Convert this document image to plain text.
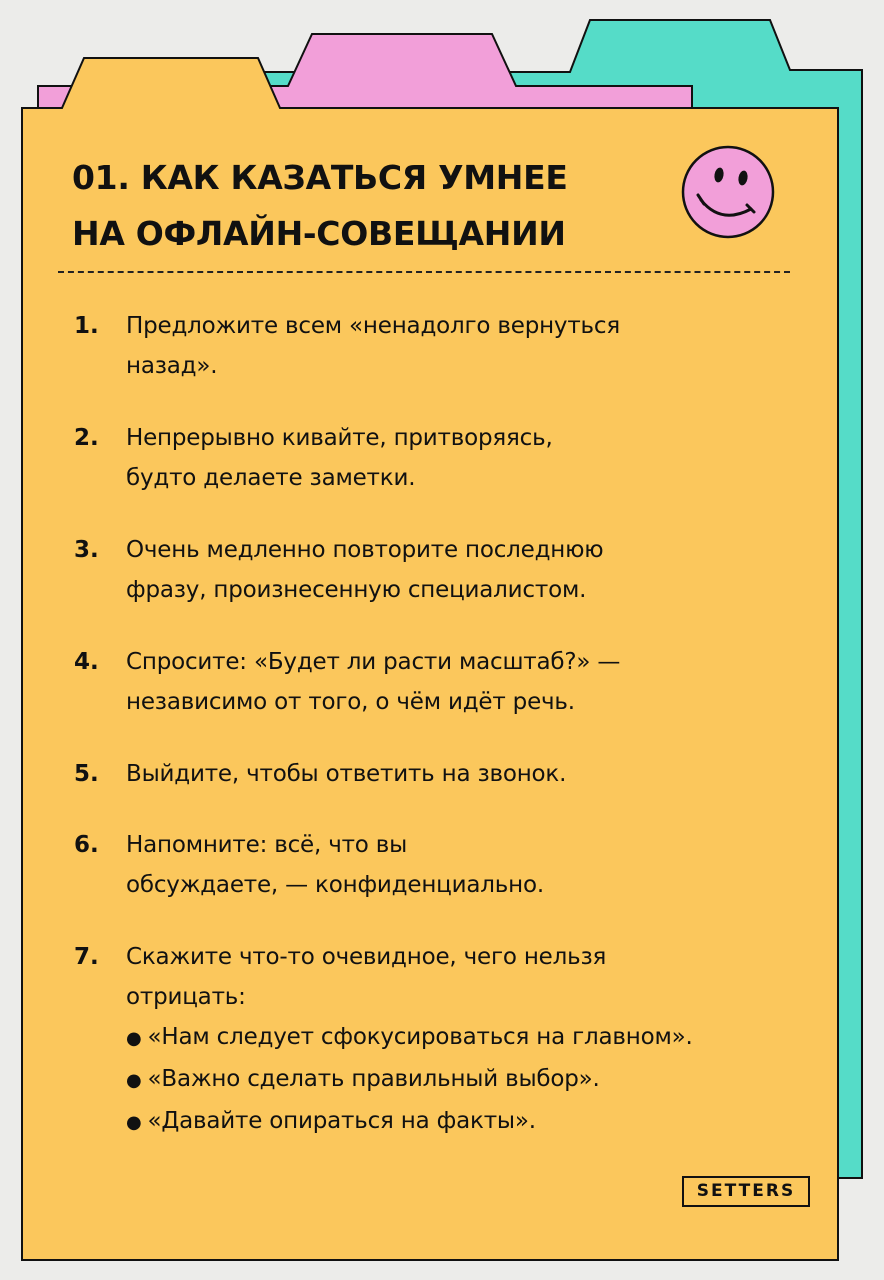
01. КАК КАЗАТЬСЯ УМНЕЕ
НА ОФЛАЙН-СОВЕЩАНИИ
1. Предложите всем «ненадолго вернуться
назад».
2. Непрерывно кивайте, притворяясь,
будто делаете заметки.
3. Очень медленно повторите последнюю
фразу, произнесенную специалистом.
4. Спросите: «Будет ли расти масштаб?» —
независимо от того, о чём идёт речь.
5. Выйдите, чтобы ответить на звонок.
6. Напомните: всё, что вы
обсуждаете, — конфиденциально.
7. Скажите что-то очевидное, чего нельзя
отрицать:
● «Нам следует сфокусироваться на главном».
● «Важно сделать правильный выбор».
● «Давайте опираться на факты».
SETTERS
